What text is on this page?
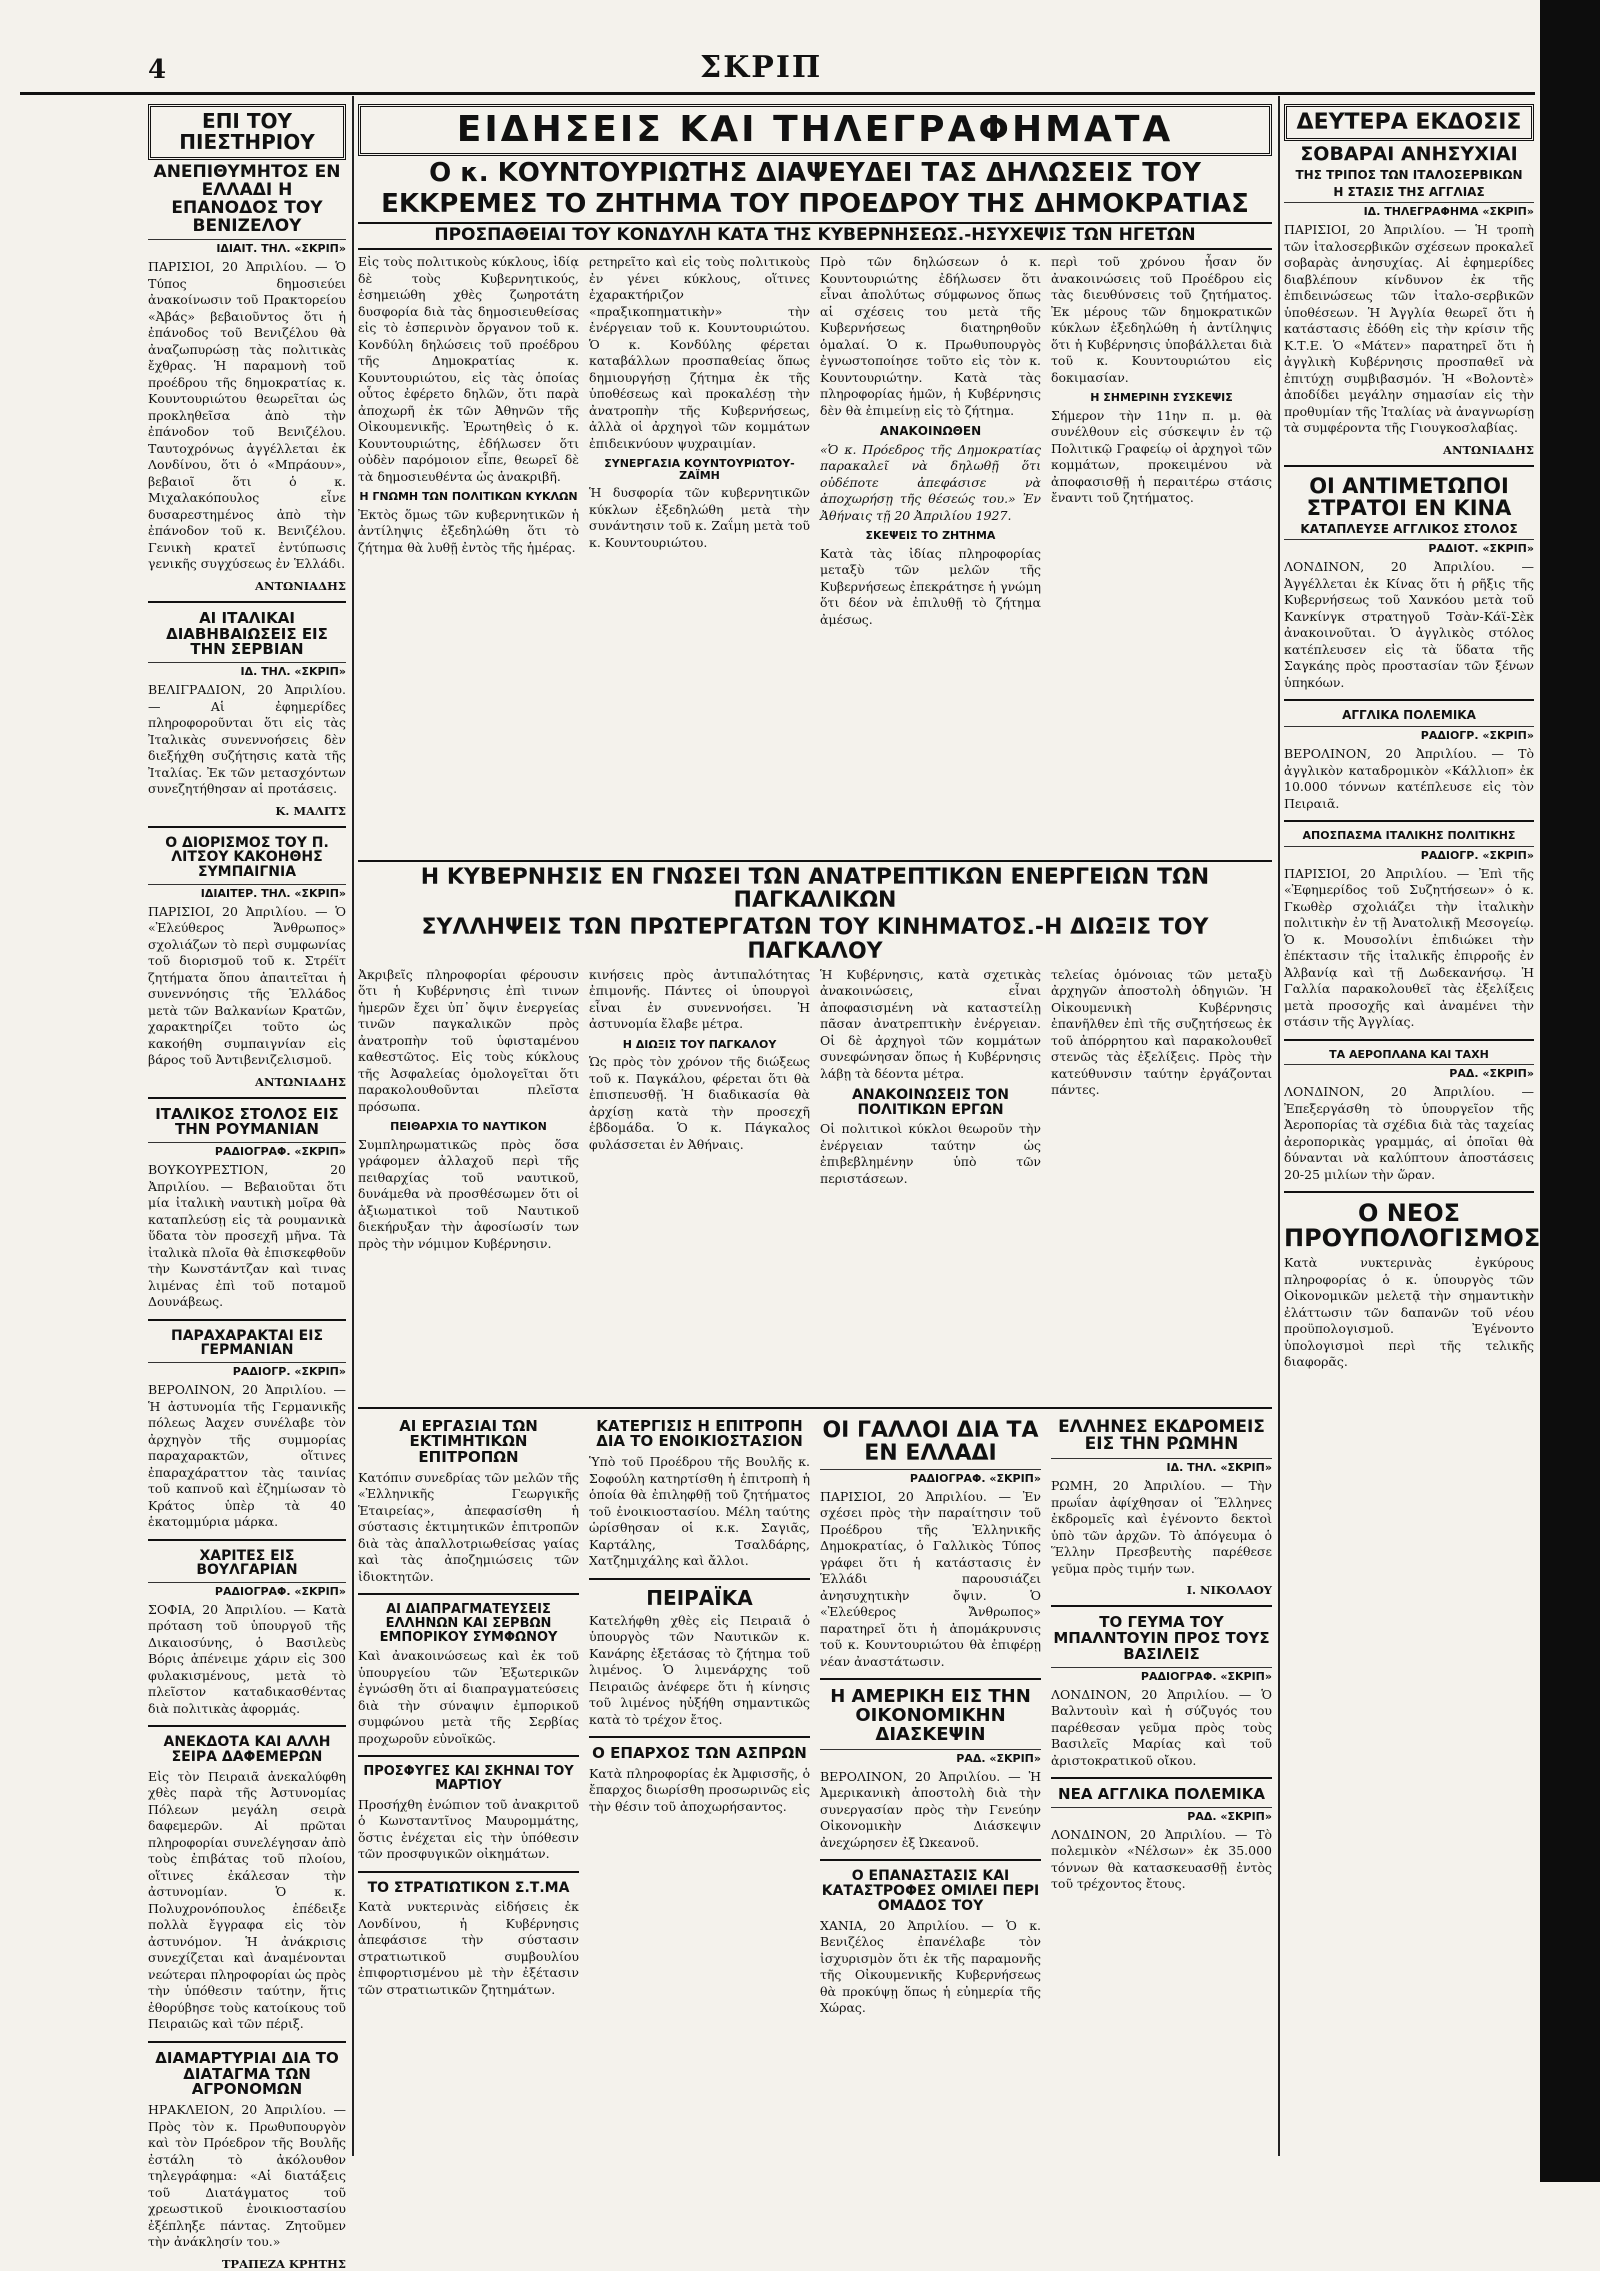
4	ΣΚΡΙΠ
ΕΠΙ ΤΟΥ ΠΙΕΣΤΗΡΙΟΥ
ΑΝΕΠΙΘΥΜΗΤΟΣ ΕΝ ΕΛΛΑΔΙ Η ΕΠΑΝΟΔΟΣ ΤΟΥ ΒΕΝΙΖΕΛΟΥ
ΙΔΙΑΙΤ. ΤΗΛ. «ΣΚΡΙΠ»

ΠΑΡΙΣΙΟΙ, 20 Ἀπριλίου. — Ὁ Τύπος δημοσιεύει ἀνακοίνωσιν τοῦ Πρακτορείου «Ἀβάς» βεβαιοῦντος ὅτι ἡ ἐπάνοδος τοῦ Βενιζέλου θὰ ἀναζωπυρώσῃ τὰς πολιτικὰς ἔχθρας. Ἡ παραμονὴ τοῦ προέδρου τῆς δημοκρατίας κ. Κουντουριώτου θεωρεῖται ὡς προκληθεῖσα ἀπὸ τὴν ἐπάνοδον τοῦ Βενιζέλου. Ταυτοχρόνως ἀγγέλλεται ἐκ Λονδίνου, ὅτι ὁ «Μπράουν», βεβαιοῖ ὅτι ὁ κ. Μιχαλακόπουλος εἶνε δυσαρεστημένος ἀπὸ τὴν ἐπάνοδον τοῦ κ. Βενιζέλου. Γενικὴ κρατεῖ ἐντύπωσις γενικῆς συγχύσεως ἐν Ἑλλάδι.

ΑΝΤΩΝΙΑΔΗΣ
ΑΙ ΙΤΑΛΙΚΑΙ ΔΙΑΒΗΒΑΙΩΣΕΙΣ ΕΙΣ ΤΗΝ ΣΕΡΒΙΑΝ
ΙΔ. ΤΗΛ. «ΣΚΡΙΠ»

ΒΕΛΙΓΡΑΔΙΟΝ, 20 Ἀπριλίου. — Αἱ ἐφημερίδες πληροφοροῦνται ὅτι εἰς τὰς Ἰταλικὰς συνεννοήσεις δὲν διεξήχθη συζήτησις κατὰ τῆς Ἰταλίας. Ἐκ τῶν μετασχόντων συνεζητήθησαν αἱ προτάσεις.

Κ. ΜΑΛΙΤΣ
Ο ΔΙΟΡΙΣΜΟΣ ΤΟΥ Π. ΛΙΤΣΟΥ ΚΑΚΟΗΘΗΣ ΣΥΜΠΑΙΓΝΙΑ
ΙΔΙΑΙΤΕΡ. ΤΗΛ. «ΣΚΡΙΠ»

ΠΑΡΙΣΙΟΙ, 20 Ἀπριλίου. — Ὁ «Ἐλεύθερος Ἄνθρωπος» σχολιάζων τὸ περὶ συμφωνίας τοῦ διορισμοῦ τοῦ κ. Στρέϊτ ζητήματα ὅπου ἀπαιτεῖται ἡ συνεννόησις τῆς Ἑλλάδος μετὰ τῶν Βαλκανίων Κρατῶν, χαρακτηρίζει τοῦτο ὡς κακοήθη συμπαιγνίαν εἰς βάρος τοῦ Ἀντιβενιζελισμοῦ.

ΑΝΤΩΝΙΑΔΗΣ
ΙΤΑΛΙΚΟΣ ΣΤΟΛΟΣ ΕΙΣ ΤΗΝ ΡΟΥΜΑΝΙΑΝ
ΡΑΔΙΟΓΡΑΦ. «ΣΚΡΙΠ»

ΒΟΥΚΟΥΡΕΣΤΙΟΝ, 20 Ἀπριλίου. — Βεβαιοῦται ὅτι μία ἰταλικὴ ναυτικὴ μοῖρα θὰ καταπλεύσῃ εἰς τὰ ρουμανικὰ ὕδατα τὸν προσεχῆ μῆνα. Τὰ ἰταλικὰ πλοῖα θὰ ἐπισκεφθοῦν τὴν Κωνστάντζαν καὶ τινας λιμένας ἐπὶ τοῦ ποταμοῦ Δουνάβεως.

ΠΑΡΑΧΑΡΑΚΤΑΙ ΕΙΣ ΓΕΡΜΑΝΙΑΝ
ΡΑΔΙΟΓΡ. «ΣΚΡΙΠ»

ΒΕΡΟΛΙΝΟΝ, 20 Ἀπριλίου. — Ἡ ἀστυνομία τῆς Γερμανικῆς πόλεως Ἀαχεν συνέλαβε τὸν ἀρχηγὸν τῆς συμμορίας παραχαρακτῶν, οἵτινες ἐπαραχάραττον τὰς ταινίας τοῦ καπνοῦ καὶ ἐζημίωσαν τὸ Κράτος ὑπὲρ τὰ 40 ἑκατομμύρια μάρκα.

ΧΑΡΙΤΕΣ ΕΙΣ ΒΟΥΛΓΑΡΙΑΝ
ΡΑΔΙΟΓΡΑΦ. «ΣΚΡΙΠ»

ΣΟΦΙΑ, 20 Ἀπριλίου. — Κατὰ πρόταση τοῦ ὑπουργοῦ τῆς Δικαιοσύνης, ὁ Βασιλεὺς Βόρις ἀπένειμε χάριν εἰς 300 φυλακισμένους, μετὰ τὸ πλεῖστον καταδικασθέντας διὰ πολιτικὰς ἀφορμάς.

ΑΝΕΚΔΟΤΑ ΚΑΙ ΑΛΛΗ ΣΕΙΡΑ ΔΑΦΕΜΕΡΩΝ

Εἰς τὸν Πειραιᾶ ἀνεκαλύφθη χθὲς παρὰ τῆς Ἀστυνομίας Πόλεων μεγάλη σειρὰ δαφεμερῶν. Αἱ πρῶται πληροφορίαι συνελέγησαν ἀπὸ τοὺς ἐπιβάτας τοῦ πλοίου, οἵτινες ἐκάλεσαν τὴν ἀστυνομίαν. Ὁ κ. Πολυχρονόπουλος ἐπέδειξε πολλὰ ἔγγραφα εἰς τὸν ἀστυνόμον. Ἡ ἀνάκρισις συνεχίζεται καὶ ἀναμένονται νεώτεραι πληροφορίαι ὡς πρὸς τὴν ὑπόθεσιν ταύτην, ἥτις ἐθορύβησε τοὺς κατοίκους τοῦ Πειραιῶς καὶ τῶν πέριξ.

ΔΙΑΜΑΡΤΥΡΙΑΙ ΔΙΑ ΤΟ ΔΙΑΤΑΓΜΑ ΤΩΝ ΑΓΡΟΝΟΜΩΝ

ΗΡΑΚΛΕΙΟΝ, 20 Ἀπριλίου. — Πρὸς τὸν κ. Πρωθυπουργὸν καὶ τὸν Πρόεδρον τῆς Βουλῆς ἐστάλη τὸ ἀκόλουθον τηλεγράφημα: «Αἱ διατάξεις τοῦ Διατάγματος τοῦ χρεωστικοῦ ἐνοικιοστασίου ἐξέπληξε πάντας. Ζητοῦμεν τὴν ἀνάκλησίν του.»

ΤΡΑΠΕΖΑ ΚΡΗΤΗΣ
ΕΙΔΗΣΕΙΣ ΚΑΙ ΤΗΛΕΓΡΑΦΗΜΑΤΑ
Ο κ. ΚΟΥΝΤΟΥΡΙΩΤΗΣ ΔΙΑΨΕΥΔΕΙ ΤΑΣ ΔΗΛΩΣΕΙΣ ΤΟΥ
ΕΚΚΡΕΜΕΣ ΤΟ ΖΗΤΗΜΑ ΤΟΥ ΠΡΟΕΔΡΟΥ ΤΗΣ ΔΗΜΟΚΡΑΤΙΑΣ
ΠΡΟΣΠΑΘΕΙΑΙ ΤΟΥ ΚΟΝΔΥΛΗ ΚΑΤΑ ΤΗΣ ΚΥΒΕΡΝΗΣΕΩΣ.-ΗΣΥΧΕΨΙΣ ΤΩΝ ΗΓΕΤΩΝ

Εἰς τοὺς πολιτικοὺς κύκλους, ἰδίᾳ δὲ τοὺς Κυβερνητικούς, ἐσημειώθη χθὲς ζωηροτάτη δυσφορία διὰ τὰς δημοσιευθείσας εἰς τὸ ἑσπερινὸν ὄργανον τοῦ κ. Κονδύλη δηλώσεις τοῦ προέδρου τῆς Δημοκρατίας κ. Κουντουριώτου, εἰς τὰς ὁποίας οὗτος ἐφέρετο δηλῶν, ὅτι παρὰ ἀποχωρῆ ἐκ τῶν Ἀθηνῶν τῆς Οἰκουμενικῆς. Ἐρωτηθεὶς ὁ κ. Κουντουριώτης, ἐδήλωσεν ὅτι οὐδὲν παρόμοιον εἶπε, θεωρεῖ δὲ τὰ δημοσιευθέντα ὡς ἀνακριβῆ.

Η ΓΝΩΜΗ ΤΩΝ ΠΟΛΙΤΙΚΩΝ ΚΥΚΛΩΝ

Ἐκτὸς ὅμως τῶν κυβερνητικῶν ἡ ἀντίληψις ἐξεδηλώθη ὅτι τὸ ζήτημα θὰ λυθῇ ἐντὸς τῆς ἡμέρας.

ρετηρεῖτο καὶ εἰς τοὺς πολιτικοὺς ἐν γένει κύκλους, οἵτινες ἐχαρακτήριζον «πραξικοπηματικὴν» τὴν ἐνέργειαν τοῦ κ. Κουντουριώτου. Ὁ κ. Κονδύλης φέρεται καταβάλλων προσπαθείας ὅπως δημιουργήσῃ ζήτημα ἐκ τῆς ὑποθέσεως καὶ προκαλέσῃ τὴν ἀνατροπὴν τῆς Κυβερνήσεως, ἀλλὰ οἱ ἀρχηγοὶ τῶν κομμάτων ἐπιδεικνύουν ψυχραιμίαν.

ΣΥΝΕΡΓΑΣΙΑ ΚΟΥΝΤΟΥΡΙΩΤΟΥ-ΖΑΪΜΗ

Ἡ δυσφορία τῶν κυβερνητικῶν κύκλων ἐξεδηλώθη μετὰ τὴν συνάντησιν τοῦ κ. Ζαΐμη μετὰ τοῦ κ. Κουντουριώτου.

Πρὸ τῶν δηλώσεων ὁ κ. Κουντουριώτης ἐδήλωσεν ὅτι εἶναι ἀπολύτως σύμφωνος ὅπως αἱ σχέσεις του μετὰ τῆς Κυβερνήσεως διατηρηθοῦν ὁμαλαί. Ὁ κ. Πρωθυπουργὸς ἐγνωστοποίησε τοῦτο εἰς τὸν κ. Κουντουριώτην. Κατὰ τὰς πληροφορίας ἡμῶν, ἡ Κυβέρνησις δὲν θὰ ἐπιμείνῃ εἰς τὸ ζήτημα.

ΑΝΑΚΟΙΝΩΘΕΝ

«Ὁ κ. Πρόεδρος τῆς Δημοκρατίας παρακαλεῖ νὰ δηλωθῇ ὅτι οὐδέποτε ἀπεφάσισε νὰ ἀποχωρήσῃ τῆς θέσεώς του.» Ἐν Ἀθήναις τῇ 20 Ἀπριλίου 1927.

ΣΚΕΨΕΙΣ ΤΟ ΖΗΤΗΜΑ

Κατὰ τὰς ἰδίας πληροφορίας μεταξὺ τῶν μελῶν τῆς Κυβερνήσεως ἐπεκράτησε ἡ γνώμη ὅτι δέον νὰ ἐπιλυθῇ τὸ ζήτημα ἀμέσως.

περὶ τοῦ χρόνου ἦσαν ὅν ἀνακοινώσεις τοῦ Προέδρου εἰς τὰς διευθύνσεις τοῦ ζητήματος. Ἐκ μέρους τῶν δημοκρατικῶν κύκλων ἐξεδηλώθη ἡ ἀντίληψις ὅτι ἡ Κυβέρνησις ὑποβάλλεται διὰ τοῦ κ. Κουντουριώτου εἰς δοκιμασίαν.

Η ΣΗΜΕΡΙΝΗ ΣΥΣΚΕΨΙΣ

Σήμερον τὴν 11ην π. μ. θὰ συνέλθουν εἰς σύσκεψιν ἐν τῷ Πολιτικῷ Γραφείῳ οἱ ἀρχηγοὶ τῶν κομμάτων, προκειμένου νὰ ἀποφασισθῇ ἡ περαιτέρω στάσις ἔναντι τοῦ ζητήματος.

Η ΚΥΒΕΡΝΗΣΙΣ ΕΝ ΓΝΩΣΕΙ ΤΩΝ ΑΝΑΤΡΕΠΤΙΚΩΝ ΕΝΕΡΓΕΙΩΝ ΤΩΝ ΠΑΓΚΑΛΙΚΩΝ
ΣΥΛΛΗΨΕΙΣ ΤΩΝ ΠΡΩΤΕΡΓΑΤΩΝ ΤΟΥ ΚΙΝΗΜΑΤΟΣ.-Η ΔΙΩΞΙΣ ΤΟΥ ΠΑΓΚΑΛΟΥ

Ἀκριβεῖς πληροφορίαι φέρουσιν ὅτι ἡ Κυβέρνησις ἐπὶ τινων ἡμερῶν ἔχει ὑπ᾽ ὄψιν ἐνεργείας τινῶν παγκαλικῶν πρὸς ἀνατροπὴν τοῦ ὑφισταμένου καθεστῶτος. Εἰς τοὺς κύκλους τῆς Ἀσφαλείας ὁμολογεῖται ὅτι παρακολουθοῦνται πλεῖστα πρόσωπα.

ΠΕΙΘΑΡΧΙΑ ΤΟ ΝΑΥΤΙΚΟΝ

Συμπληρωματικῶς πρὸς ὅσα γράφομεν ἀλλαχοῦ περὶ τῆς πειθαρχίας τοῦ ναυτικοῦ, δυνάμεθα νὰ προσθέσωμεν ὅτι οἱ ἀξιωματικοὶ τοῦ Ναυτικοῦ διεκήρυξαν τὴν ἀφοσίωσίν των πρὸς τὴν νόμιμον Κυβέρνησιν.

κινήσεις πρὸς ἀντιπαλότητας ἐπιμονῆς. Πάντες οἱ ὑπουργοὶ εἶναι ἐν συνεννοήσει. Ἡ ἀστυνομία ἔλαβε μέτρα.

Η ΔΙΩΞΙΣ ΤΟΥ ΠΑΓΚΑΛΟΥ

Ὡς πρὸς τὸν χρόνον τῆς διώξεως τοῦ κ. Παγκάλου, φέρεται ὅτι θὰ ἐπισπευσθῇ. Ἡ διαδικασία θὰ ἀρχίσῃ κατὰ τὴν προσεχῆ ἑβδομάδα. Ὁ κ. Πάγκαλος φυλάσσεται ἐν Ἀθήναις.

Ἡ Κυβέρνησις, κατὰ σχετικὰς ἀνακοινώσεις, εἶναι ἀποφασισμένη νὰ καταστείλῃ πᾶσαν ἀνατρεπτικὴν ἐνέργειαν. Οἱ δὲ ἀρχηγοὶ τῶν κομμάτων συνεφώνησαν ὅπως ἡ Κυβέρνησις λάβῃ τὰ δέοντα μέτρα.

ΑΝΑΚΟΙΝΩΣΕΙΣ ΤΟΝ ΠΟΛΙΤΙΚΩΝ ΕΡΓΩΝ

Οἱ πολιτικοὶ κύκλοι θεωροῦν τὴν ἐνέργειαν ταύτην ὡς ἐπιβεβλημένην ὑπὸ τῶν περιστάσεων.

τελείας ὁμόνοιας τῶν μεταξὺ ἀρχηγῶν ἀποστολὴ ὁδηγιῶν. Ἡ Οἰκουμενικὴ Κυβέρνησις ἐπανῆλθεν ἐπὶ τῆς συζητήσεως ἐκ τοῦ ἀπόρρητου καὶ παρακολουθεῖ στενῶς τὰς ἐξελίξεις. Πρὸς τὴν κατεύθυνσιν ταύτην ἐργάζονται πάντες.

ΑΙ ΕΡΓΑΣΙΑΙ ΤΩΝ ΕΚΤΙΜΗΤΙΚΩΝ ΕΠΙΤΡΟΠΩΝ

Κατόπιν συνεδρίας τῶν μελῶν τῆς «Ἑλληνικῆς Γεωργικῆς Ἑταιρείας», ἀπεφασίσθη ἡ σύστασις ἐκτιμητικῶν ἐπιτροπῶν διὰ τὰς ἀπαλλοτριωθείσας γαίας καὶ τὰς ἀποζημιώσεις τῶν ἰδιοκτητῶν.

ΑΙ ΔΙΑΠΡΑΓΜΑΤΕΥΣΕΙΣ ΕΛΛΗΝΩΝ ΚΑΙ ΣΕΡΒΩΝ ΕΜΠΟΡΙΚΟΥ ΣΥΜΦΩΝΟΥ

Καὶ ἀνακοινώσεως καὶ ἐκ τοῦ ὑπουργείου τῶν Ἐξωτερικῶν ἐγνώσθη ὅτι αἱ διαπραγματεύσεις διὰ τὴν σύναψιν ἐμπορικοῦ συμφώνου μετὰ τῆς Σερβίας προχωροῦν εὐνοϊκῶς.

ΠΡΟΣΦΥΓΕΣ ΚΑΙ ΣΚΗΝΑΙ ΤΟΥ ΜΑΡΤΙΟΥ

Προσήχθη ἐνώπιον τοῦ ἀνακριτοῦ ὁ Κωνσταντῖνος Μαυρομμάτης, ὅστις ἐνέχεται εἰς τὴν ὑπόθεσιν τῶν προσφυγικῶν οἰκημάτων.

ΤΟ ΣΤΡΑΤΙΩΤΙΚΟΝ Σ.Τ.ΜΑ

Κατὰ νυκτερινὰς εἰδήσεις ἐκ Λονδίνου, ἡ Κυβέρνησις ἀπεφάσισε τὴν σύστασιν στρατιωτικοῦ συμβουλίου ἐπιφορτισμένου μὲ τὴν ἐξέτασιν τῶν στρατιωτικῶν ζητημάτων.

ΚΑΤΕΡΓΙΣΙΣ Η ΕΠΙΤΡΟΠΗ ΔΙΑ ΤΟ ΕΝΟΙΚΙΟΣΤΑΣΙΟΝ

Ὑπὸ τοῦ Προέδρου τῆς Βουλῆς κ. Σοφούλη κατηρτίσθη ἡ ἐπιτροπὴ ἡ ὁποία θὰ ἐπιληφθῇ τοῦ ζητήματος τοῦ ἐνοικιοστασίου. Μέλη ταύτης ὡρίσθησαν οἱ κ.κ. Σαγιᾶς, Καρτάλης, Τσαλδάρης, Χατζημιχάλης καὶ ἄλλοι.

ΠΕΙΡΑΪΚΑ

Κατελήφθη χθὲς εἰς Πειραιᾶ ὁ ὑπουργὸς τῶν Ναυτικῶν κ. Κανάρης ἐξετάσας τὸ ζήτημα τοῦ λιμένος. Ὁ λιμενάρχης τοῦ Πειραιῶς ἀνέφερε ὅτι ἡ κίνησις τοῦ λιμένος ηὐξήθη σημαντικῶς κατὰ τὸ τρέχον ἔτος.

Ο ΕΠΑΡΧΟΣ ΤΩΝ ΑΣΠΡΩΝ

Κατὰ πληροφορίας ἐκ Ἀμφισσῆς, ὁ ἔπαρχος διωρίσθη προσωρινῶς εἰς τὴν θέσιν τοῦ ἀποχωρήσαντος.

ΟΙ ΓΑΛΛΟΙ ΔΙΑ ΤΑ ΕΝ ΕΛΛΑΔΙ
ΡΑΔΙΟΓΡΑΦ. «ΣΚΡΙΠ»

ΠΑΡΙΣΙΟΙ, 20 Ἀπριλίου. — Ἐν σχέσει πρὸς τὴν παραίτησιν τοῦ Προέδρου τῆς Ἑλληνικῆς Δημοκρατίας, ὁ Γαλλικὸς Τύπος γράφει ὅτι ἡ κατάστασις ἐν Ἑλλάδι παρουσιάζει ἀνησυχητικὴν ὄψιν. Ὁ «Ἐλεύθερος Ἄνθρωπος» παρατηρεῖ ὅτι ἡ ἀπομάκρυνσις τοῦ κ. Κουντουριώτου θὰ ἐπιφέρῃ νέαν ἀναστάτωσιν.

Η ΑΜΕΡΙΚΗ ΕΙΣ ΤΗΝ ΟΙΚΟΝΟΜΙΚΗΝ ΔΙΑΣΚΕΨΙΝ
ΡΑΔ. «ΣΚΡΙΠ»

ΒΕΡΟΛΙΝΟΝ, 20 Ἀπριλίου. — Ἡ Ἀμερικανικὴ ἀποστολὴ διὰ τὴν συνεργασίαν πρὸς τὴν Γενεύην Οἰκονομικὴν Διάσκεψιν ἀνεχώρησεν ἐξ Ὠκεανοῦ.

Ο ΕΠΑΝΑΣΤΑΣΙΣ ΚΑΙ ΚΑΤΑΣΤΡΟΦΕΣ ΟΜΙΛΕΙ ΠΕΡΙ ΟΜΑΔΟΣ ΤΟΥ

ΧΑΝΙΑ, 20 Ἀπριλίου. — Ὁ κ. Βενιζέλος ἐπανέλαβε τὸν ἰσχυρισμὸν ὅτι ἐκ τῆς παραμονῆς τῆς Οἰκουμενικῆς Κυβερνήσεως θὰ προκύψῃ ὅπως ἡ εὐημερία τῆς Χώρας.

ΕΛΛΗΝΕΣ ΕΚΔΡΟΜΕΙΣ ΕΙΣ ΤΗΝ ΡΩΜΗΝ
ΙΔ. ΤΗΛ. «ΣΚΡΙΠ»

ΡΩΜΗ, 20 Ἀπριλίου. — Τὴν πρωΐαν ἀφίχθησαν οἱ Ἕλληνες ἐκδρομεῖς καὶ ἐγένοντο δεκτοὶ ὑπὸ τῶν ἀρχῶν. Τὸ ἀπόγευμα ὁ Ἕλλην Πρεσβευτὴς παρέθεσε γεῦμα πρὸς τιμήν των.

Ι. ΝΙΚΟΛΑΟΥ
ΤΟ ΓΕΥΜΑ ΤΟΥ ΜΠΑΛΝΤΟΥΙΝ ΠΡΟΣ ΤΟΥΣ ΒΑΣΙΛΕΙΣ
ΡΑΔΙΟΓΡΑΦ. «ΣΚΡΙΠ»

ΛΟΝΔΙΝΟΝ, 20 Ἀπριλίου. — Ὁ Βαλντουὶν καὶ ἡ σύζυγός του παρέθεσαν γεῦμα πρὸς τοὺς Βασιλεῖς Μαρίας καὶ τοῦ ἀριστοκρατικοῦ οἴκου.

ΝΕΑ ΑΓΓΛΙΚΑ ΠΟΛΕΜΙΚΑ
ΡΑΔ. «ΣΚΡΙΠ»

ΛΟΝΔΙΝΟΝ, 20 Ἀπριλίου. — Τὸ πολεμικὸν «Νέλσων» ἐκ 35.000 τόννων θὰ κατασκευασθῇ ἐντὸς τοῦ τρέχοντος ἔτους.

ΔΕΥΤΕΡΑ ΕΚΔΟΣΙΣ
ΣΟΒΑΡΑΙ ΑΝΗΣΥΧΙΑΙ
ΤΗΣ ΤΡΙΠΟΣ ΤΩΝ ΙΤΑΛΟΣΕΡΒΙΚΩΝ
Η ΣΤΑΣΙΣ ΤΗΣ ΑΓΓΛΙΑΣ
ΙΔ. ΤΗΛΕΓΡΑΦΗΜΑ «ΣΚΡΙΠ»

ΠΑΡΙΣΙΟΙ, 20 Ἀπριλίου. — Ἡ τροπὴ τῶν ἰταλοσερβικῶν σχέσεων προκαλεῖ σοβαρὰς ἀνησυχίας. Αἱ ἐφημερίδες διαβλέπουν κίνδυνον ἐκ τῆς ἐπιδεινώσεως τῶν ἰταλο-σερβικῶν ὑποθέσεων. Ἡ Ἀγγλία θεωρεῖ ὅτι ἡ κατάστασις ἐδόθη εἰς τὴν κρίσιν τῆς Κ.Τ.Ε. Ὁ «Μάτεν» παρατηρεῖ ὅτι ἡ ἀγγλικὴ Κυβέρνησις προσπαθεῖ νὰ ἐπιτύχῃ συμβιβασμόν. Ἡ «Βολοντὲ» ἀποδίδει μεγάλην σημασίαν εἰς τὴν προθυμίαν τῆς Ἰταλίας νὰ ἀναγνωρίσῃ τὰ συμφέροντα τῆς Γιουγκοσλαβίας.

ΑΝΤΩΝΙΑΔΗΣ
ΟΙ ΑΝΤΙΜΕΤΩΠΟΙ ΣΤΡΑΤΟΙ ΕΝ ΚΙΝΑ
ΚΑΤΑΠΛΕΥΣΕ ΑΓΓΛΙΚΟΣ ΣΤΟΛΟΣ
ΡΑΔΙΟΤ. «ΣΚΡΙΠ»

ΛΟΝΔΙΝΟΝ, 20 Ἀπριλίου. — Ἀγγέλλεται ἐκ Κίνας ὅτι ἡ ρῆξις τῆς Κυβερνήσεως τοῦ Χανκόου μετὰ τοῦ Κανκίνγκ στρατηγοῦ Τσὰν-Κάϊ-Σὲκ ἀνακοινοῦται. Ὁ ἀγγλικὸς στόλος κατέπλευσεν εἰς τὰ ὕδατα τῆς Σαγκάης πρὸς προστασίαν τῶν ξένων ὑπηκόων.

ΑΓΓΛΙΚΑ ΠΟΛΕΜΙΚΑ
ΡΑΔΙΟΓΡ. «ΣΚΡΙΠ»

ΒΕΡΟΛΙΝΟΝ, 20 Ἀπριλίου. — Τὸ ἀγγλικὸν καταδρομικὸν «Κάλλιοπ» ἐκ 10.000 τόννων κατέπλευσε εἰς τὸν Πειραιᾶ.

ΑΠΟΣΠΑΣΜΑ ΙΤΑΛΙΚΗΣ ΠΟΛΙΤΙΚΗΣ
ΡΑΔΙΟΓΡ. «ΣΚΡΙΠ»

ΠΑΡΙΣΙΟΙ, 20 Ἀπριλίου. — Ἐπὶ τῆς «Ἐφημερίδος τοῦ Συζητήσεων» ὁ κ. Γκωθὲρ σχολιάζει τὴν ἰταλικὴν πολιτικὴν ἐν τῇ Ἀνατολικῇ Μεσογείῳ. Ὁ κ. Μουσολίνι ἐπιδιώκει τὴν ἐπέκτασιν τῆς ἰταλικῆς ἐπιρροῆς ἐν Ἀλβανίᾳ καὶ τῇ Δωδεκανήσῳ. Ἡ Γαλλία παρακολουθεῖ τὰς ἐξελίξεις μετὰ προσοχῆς καὶ ἀναμένει τὴν στάσιν τῆς Ἀγγλίας.

ΤΑ ΑΕΡΟΠΛΑΝΑ ΚΑΙ ΤΑΧΗ
ΡΑΔ. «ΣΚΡΙΠ»

ΛΟΝΔΙΝΟΝ, 20 Ἀπριλίου. — Ἐπεξεργάσθη τὸ ὑπουργεῖον τῆς Ἀεροπορίας τὰ σχέδια διὰ τὰς ταχείας ἀεροπορικὰς γραμμάς, αἱ ὁποῖαι θὰ δύνανται νὰ καλύπτουν ἀποστάσεις 20-25 μιλίων τὴν ὥραν.

Ο ΝΕΟΣ ΠΡΟΥΠΟΛΟΓΙΣΜΟΣ

Κατὰ νυκτερινὰς ἐγκύρους πληροφορίας ὁ κ. ὑπουργὸς τῶν Οἰκονομικῶν μελετᾷ τὴν σημαντικὴν ἐλάττωσιν τῶν δαπανῶν τοῦ νέου προϋπολογισμοῦ. Ἐγένοντο ὑπολογισμοὶ περὶ τῆς τελικῆς διαφορᾶς.
